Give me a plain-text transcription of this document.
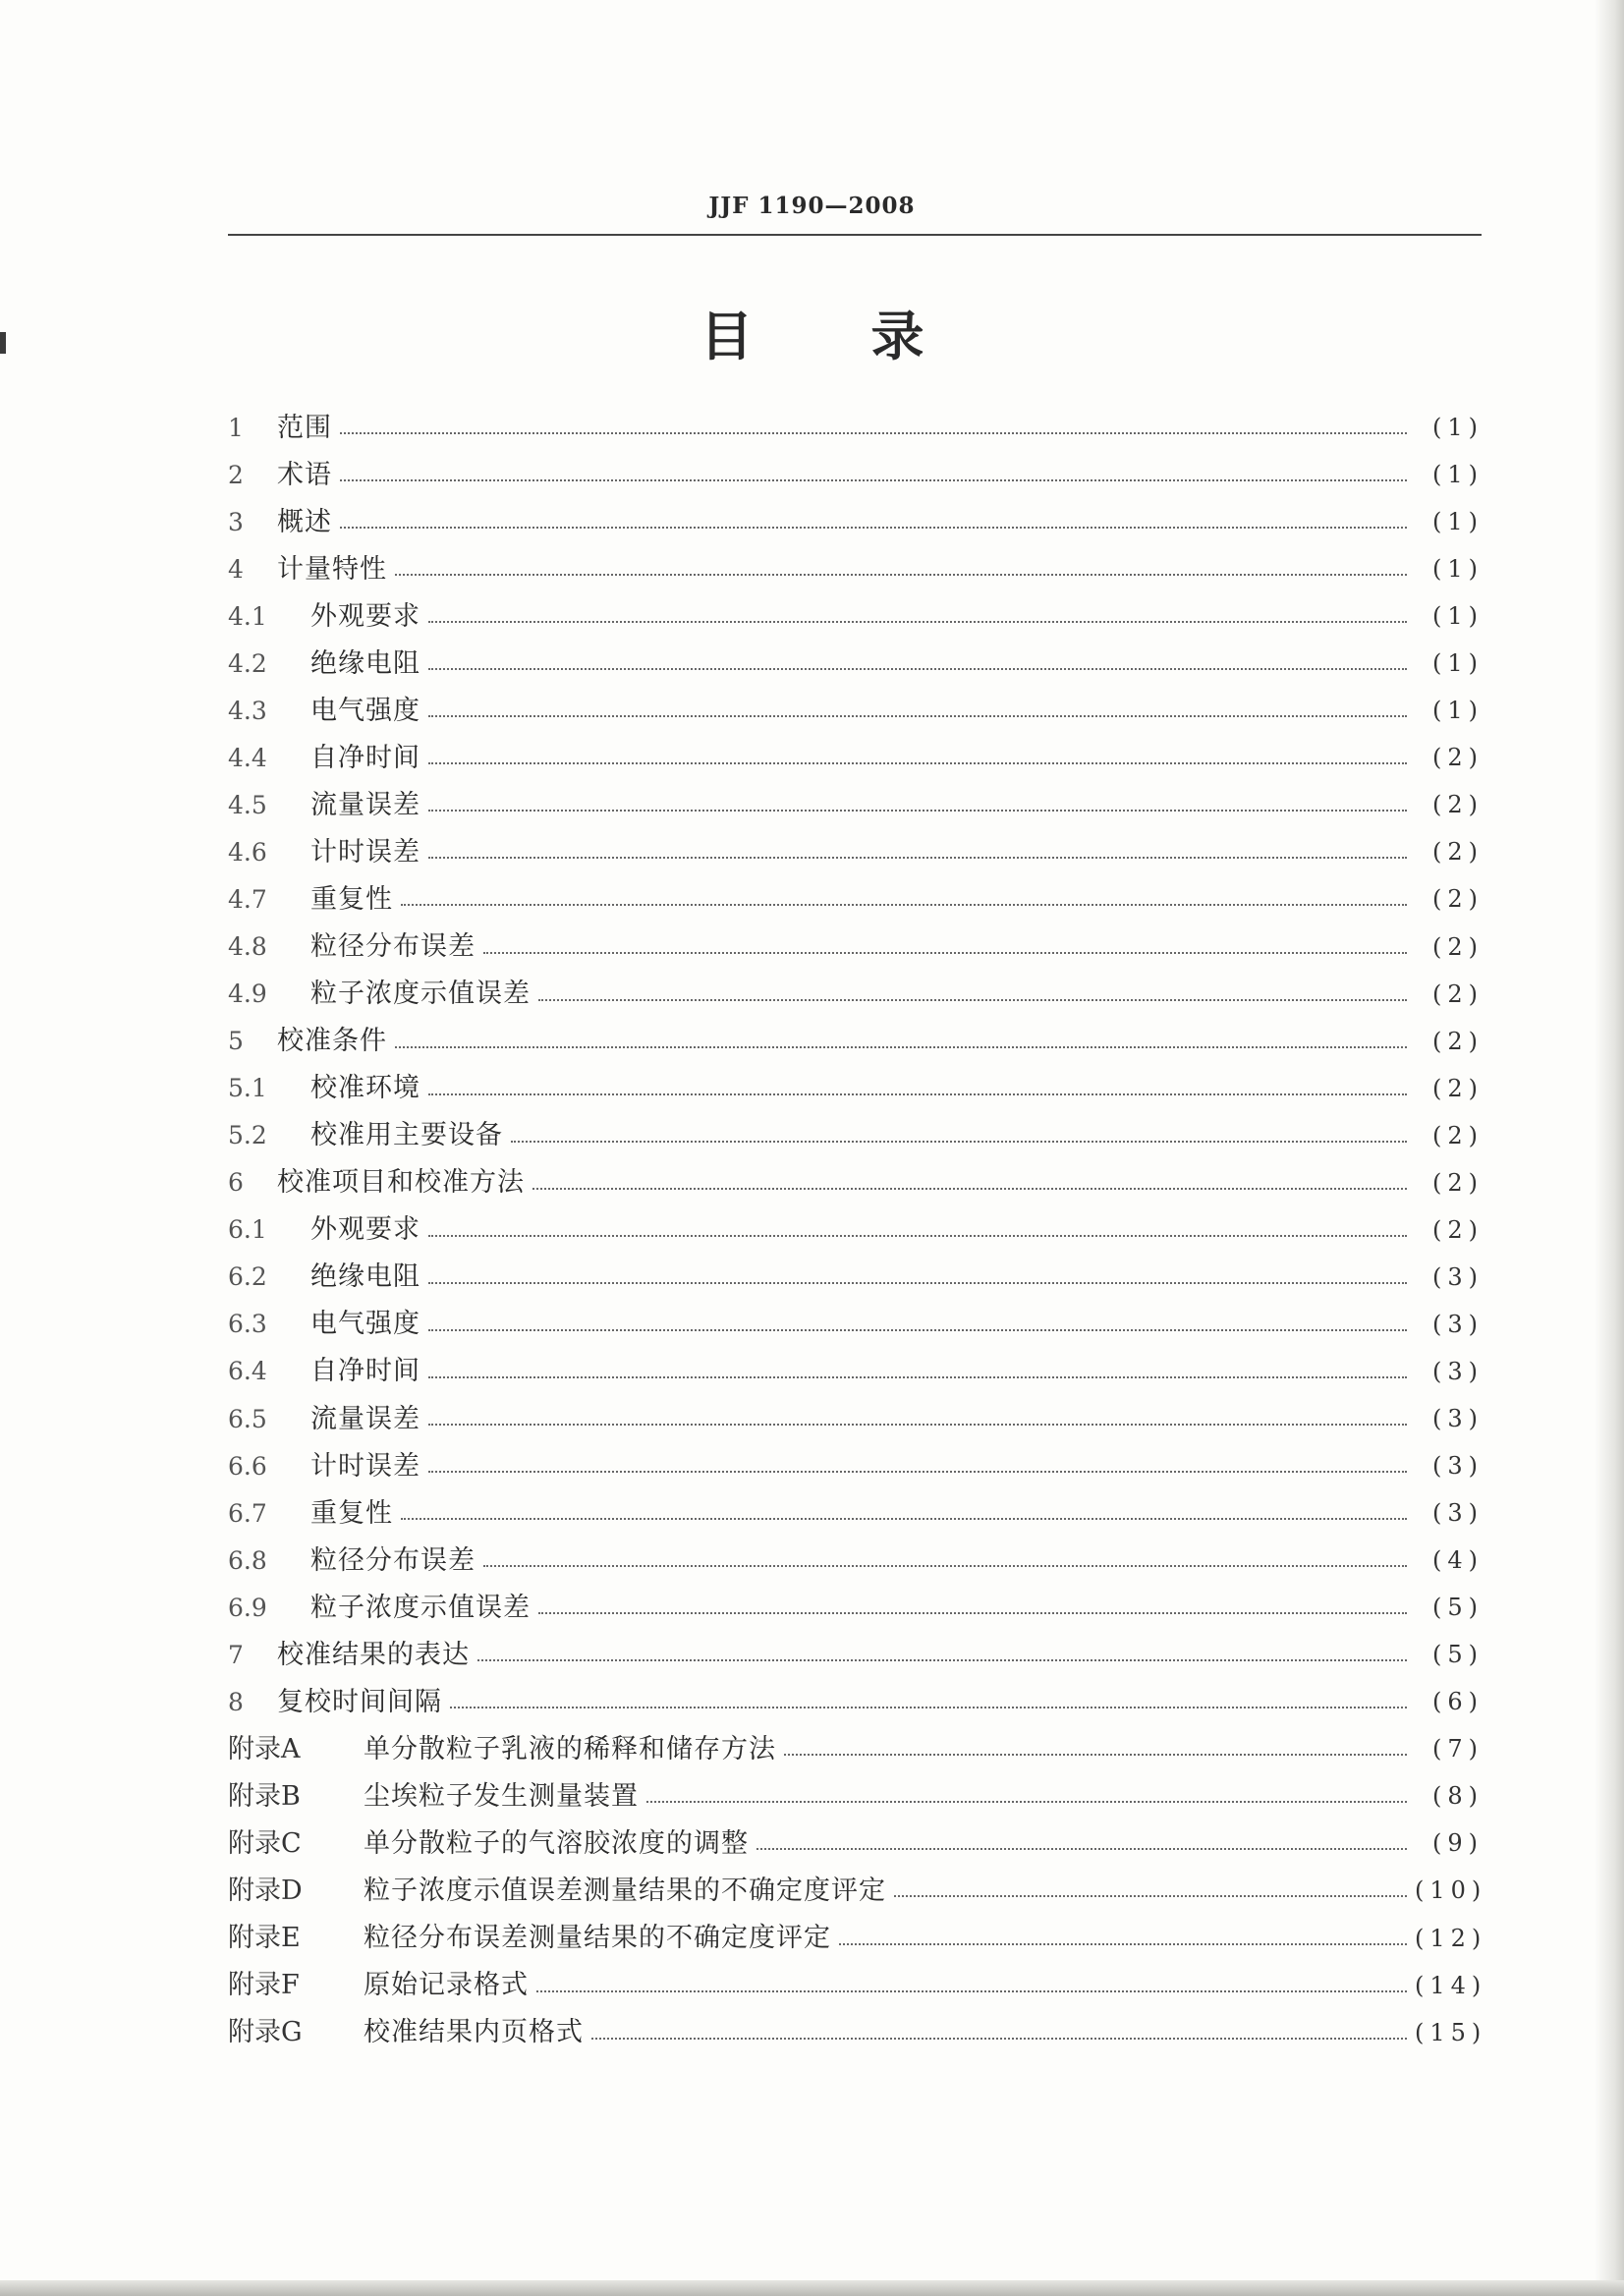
JJF 1190—2008
目录
1	范围	(1)
2	术语	(1)
3	概述	(1)
4	计量特性	(1)
4.1	外观要求	(1)
4.2	绝缘电阻	(1)
4.3	电气强度	(1)
4.4	自净时间	(2)
4.5	流量误差	(2)
4.6	计时误差	(2)
4.7	重复性	(2)
4.8	粒径分布误差	(2)
4.9	粒子浓度示值误差	(2)
5	校准条件	(2)
5.1	校准环境	(2)
5.2	校准用主要设备	(2)
6	校准项目和校准方法	(2)
6.1	外观要求	(2)
6.2	绝缘电阻	(3)
6.3	电气强度	(3)
6.4	自净时间	(3)
6.5	流量误差	(3)
6.6	计时误差	(3)
6.7	重复性	(3)
6.8	粒径分布误差	(4)
6.9	粒子浓度示值误差	(5)
7	校准结果的表达	(5)
8	复校时间间隔	(6)
附录A	单分散粒子乳液的稀释和储存方法	(7)
附录B	尘埃粒子发生测量装置	(8)
附录C	单分散粒子的气溶胶浓度的调整	(9)
附录D	粒子浓度示值误差测量结果的不确定度评定	(10)
附录E	粒径分布误差测量结果的不确定度评定	(12)
附录F	原始记录格式	(14)
附录G	校准结果内页格式	(15)
